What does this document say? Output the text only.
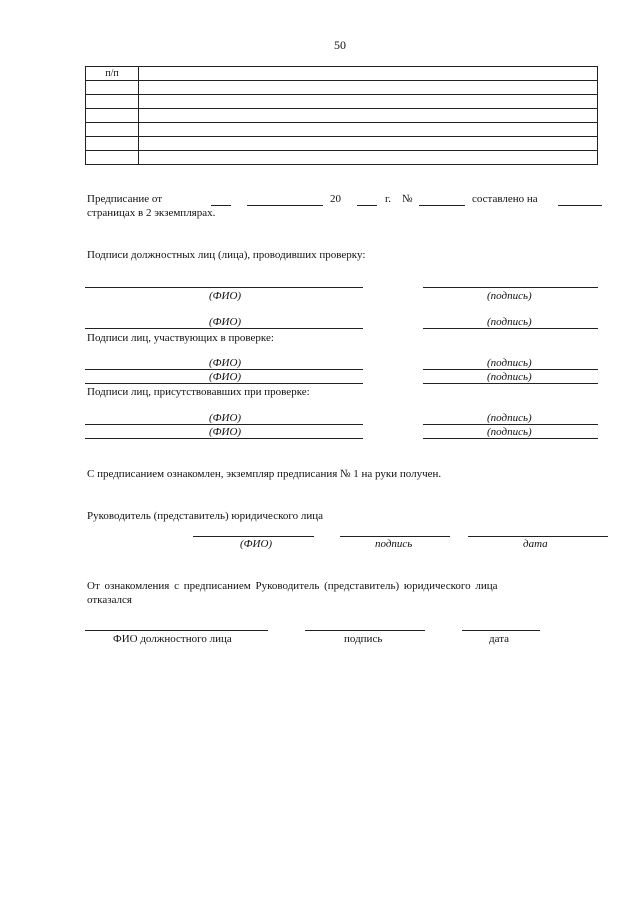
50
п/п	

Предписание от	20	г. №	составлено на
страницах в 2 экземплярах.
Подписи должностных лиц (лица), проводивших проверку:
(ФИО)	(подпись)
(ФИО)	(подпись)
Подписи лиц, участвующих в проверке:
(ФИО)	(подпись)
(ФИО)	(подпись)
Подписи лиц, присутствовавших при проверке:
(ФИО)	(подпись)
(ФИО)	(подпись)
С предписанием ознакомлен, экземпляр предписания № 1 на руки получен.
Руководитель (представитель) юридического лица
(ФИО)	подпись	дата
От ознакомления с предписанием Руководитель (представитель) юридического лица
отказался
ФИО должностного лица	подпись	дата
